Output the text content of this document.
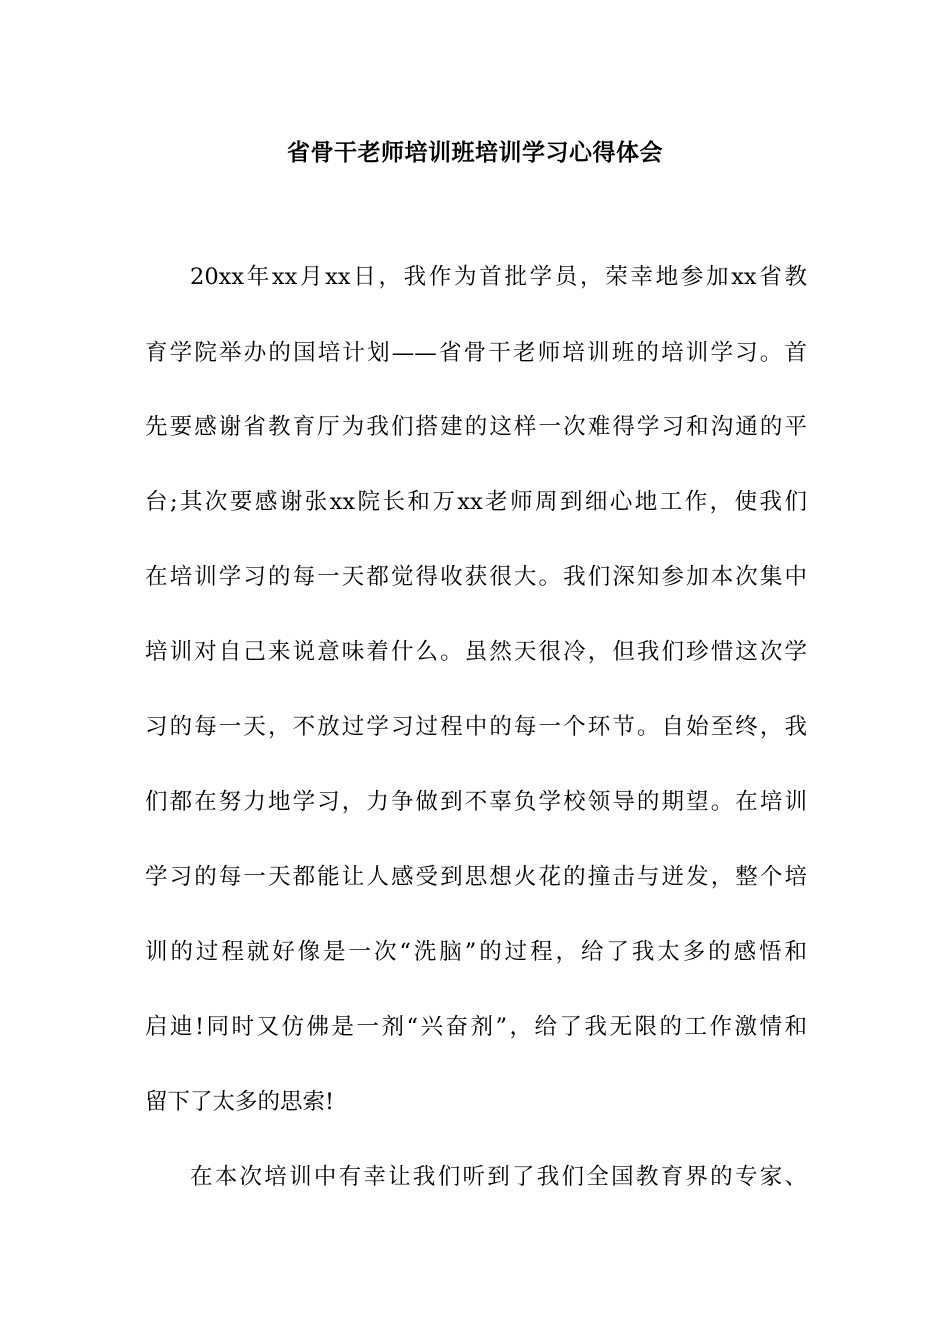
省骨干老师培训班培训学习心得体会
20xx年xx月xx日，我作为首批学员，荣幸地参加xx省教
育学院举办的国培计划——省骨干老师培训班的培训学习。首
先要感谢省教育厅为我们搭建的这样一次难得学习和沟通的平
台;其次要感谢张xx院长和万xx老师周到细心地工作，使我们
在培训学习的每一天都觉得收获很大。我们深知参加本次集中
培训对自己来说意味着什么。虽然天很冷，但我们珍惜这次学
习的每一天，不放过学习过程中的每一个环节。自始至终，我
们都在努力地学习，力争做到不辜负学校领导的期望。在培训
学习的每一天都能让人感受到思想火花的撞击与迸发，整个培
训的过程就好像是一次“洗脑”的过程，给了我太多的感悟和
启迪!同时又仿佛是一剂“兴奋剂”，给了我无限的工作激情和
留下了太多的思索!
在本次培训中有幸让我们听到了我们全国教育界的专家、
